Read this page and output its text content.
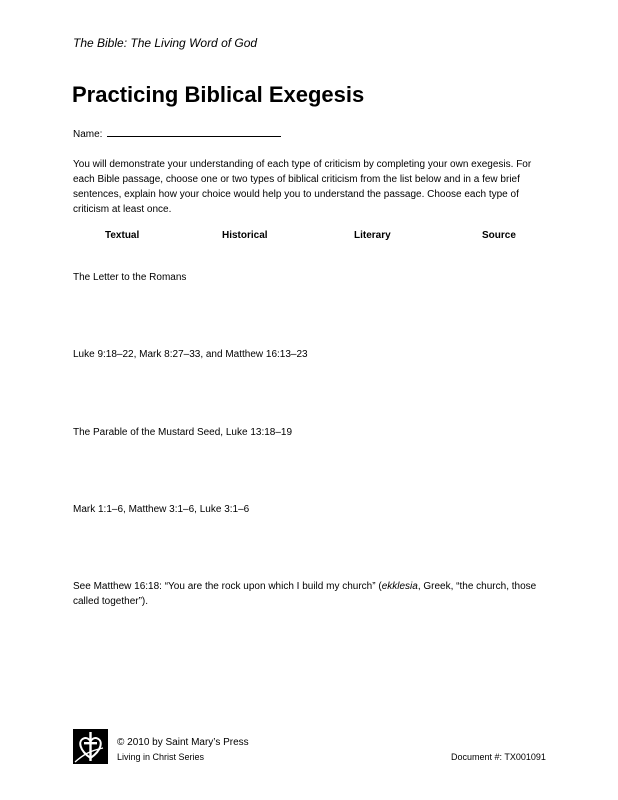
The Bible: The Living Word of God
Practicing Biblical Exegesis
Name:
You will demonstrate your understanding of each type of criticism by completing your own exegesis. For each Bible passage, choose one or two types of biblical criticism from the list below and in a few brief sentences, explain how your choice would help you to understand the passage. Choose each type of criticism at least once.
Textual	Historical	Literary	Source
The Letter to the Romans
Luke 9:18–22, Mark 8:27–33, and Matthew 16:13–23
The Parable of the Mustard Seed, Luke 13:18–19
Mark 1:1–6, Matthew 3:1–6, Luke 3:1–6
See Matthew 16:18: “You are the rock upon which I build my church” (ekklesia, Greek, “the church, those called together”).
© 2010 by Saint Mary’s Press
Living in Christ Series	Document #: TX001091
